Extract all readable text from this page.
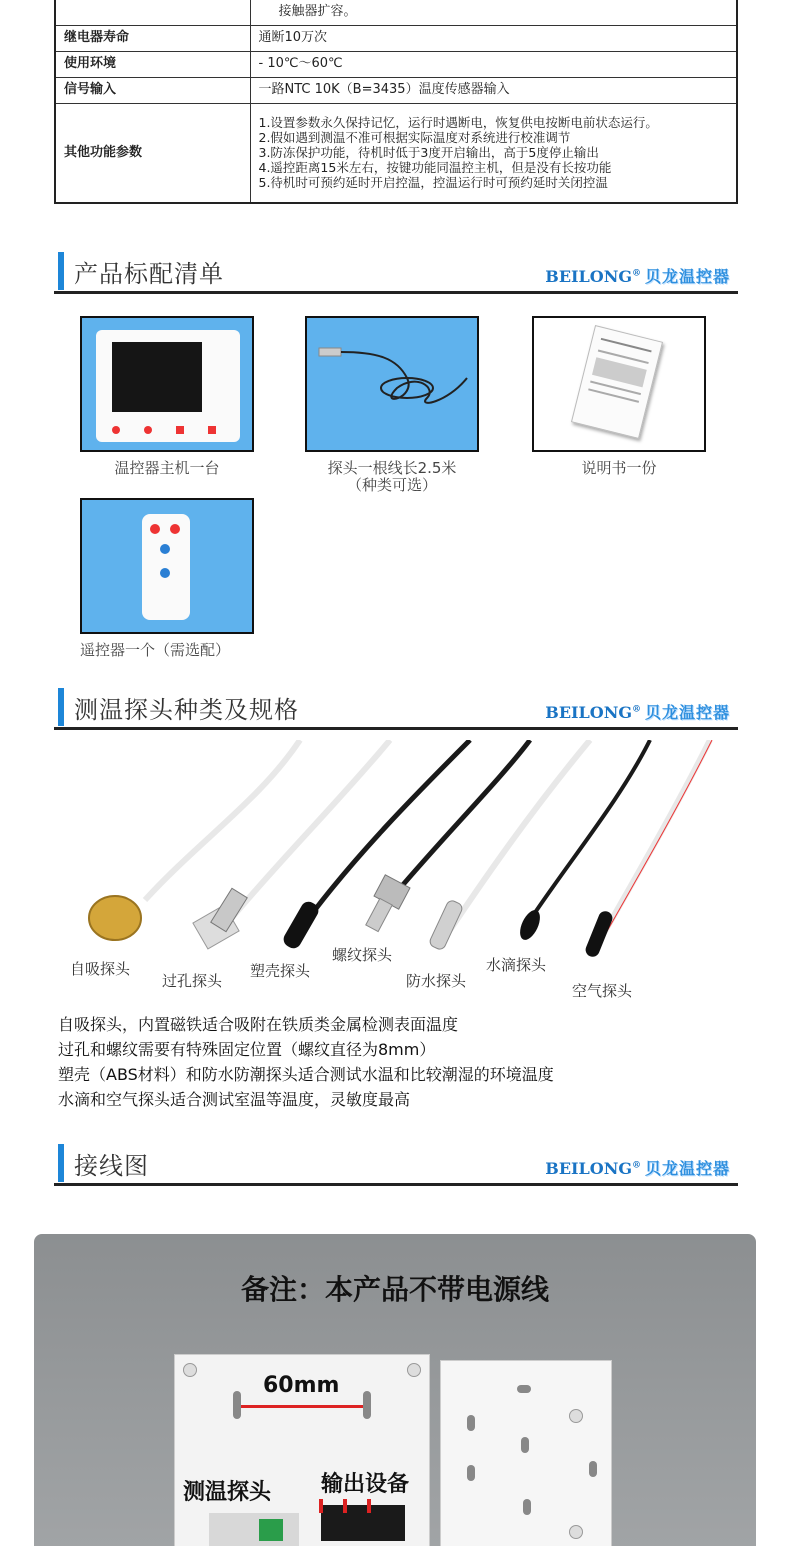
	接触器扩容。
继电器寿命	通断10万次
使用环境	- 10℃～60℃
信号输入	一路NTC 10K（B=3435）温度传感器输入
其他功能参数	1.设置参数永久保持记忆，运行时遇断电，恢复供电按断电前状态运行。
2.假如遇到测温不准可根据实际温度对系统进行校准调节
3.防冻保护功能，待机时低于3度开启输出，高于5度停止输出
4.遥控距离15米左右，按键功能同温控主机，但是没有长按功能
5.待机时可预约延时开启控温，控温运行时可预约延时关闭控温
产品标配清单	BEILONG® 贝龙温控器
温控器主机一台	探头一根线长2.5米
（种类可选）
说明书一份
遥控器一个（需选配）
测温探头种类及规格	BEILONG® 贝龙温控器
自吸探头
过孔探头
塑壳探头
螺纹探头
防水探头
水滴探头
空气探头
自吸探头，内置磁铁适合吸附在铁质类金属检测表面温度
过孔和螺纹需要有特殊固定位置（螺纹直径为8mm）
塑壳（ABS材料）和防水防潮探头适合测试水温和比较潮湿的环境温度
水滴和空气探头适合测试室温等温度，灵敏度最高
接线图	BEILONG® 贝龙温控器
备注：本产品不带电源线
60mm
测温探头 输出设备
